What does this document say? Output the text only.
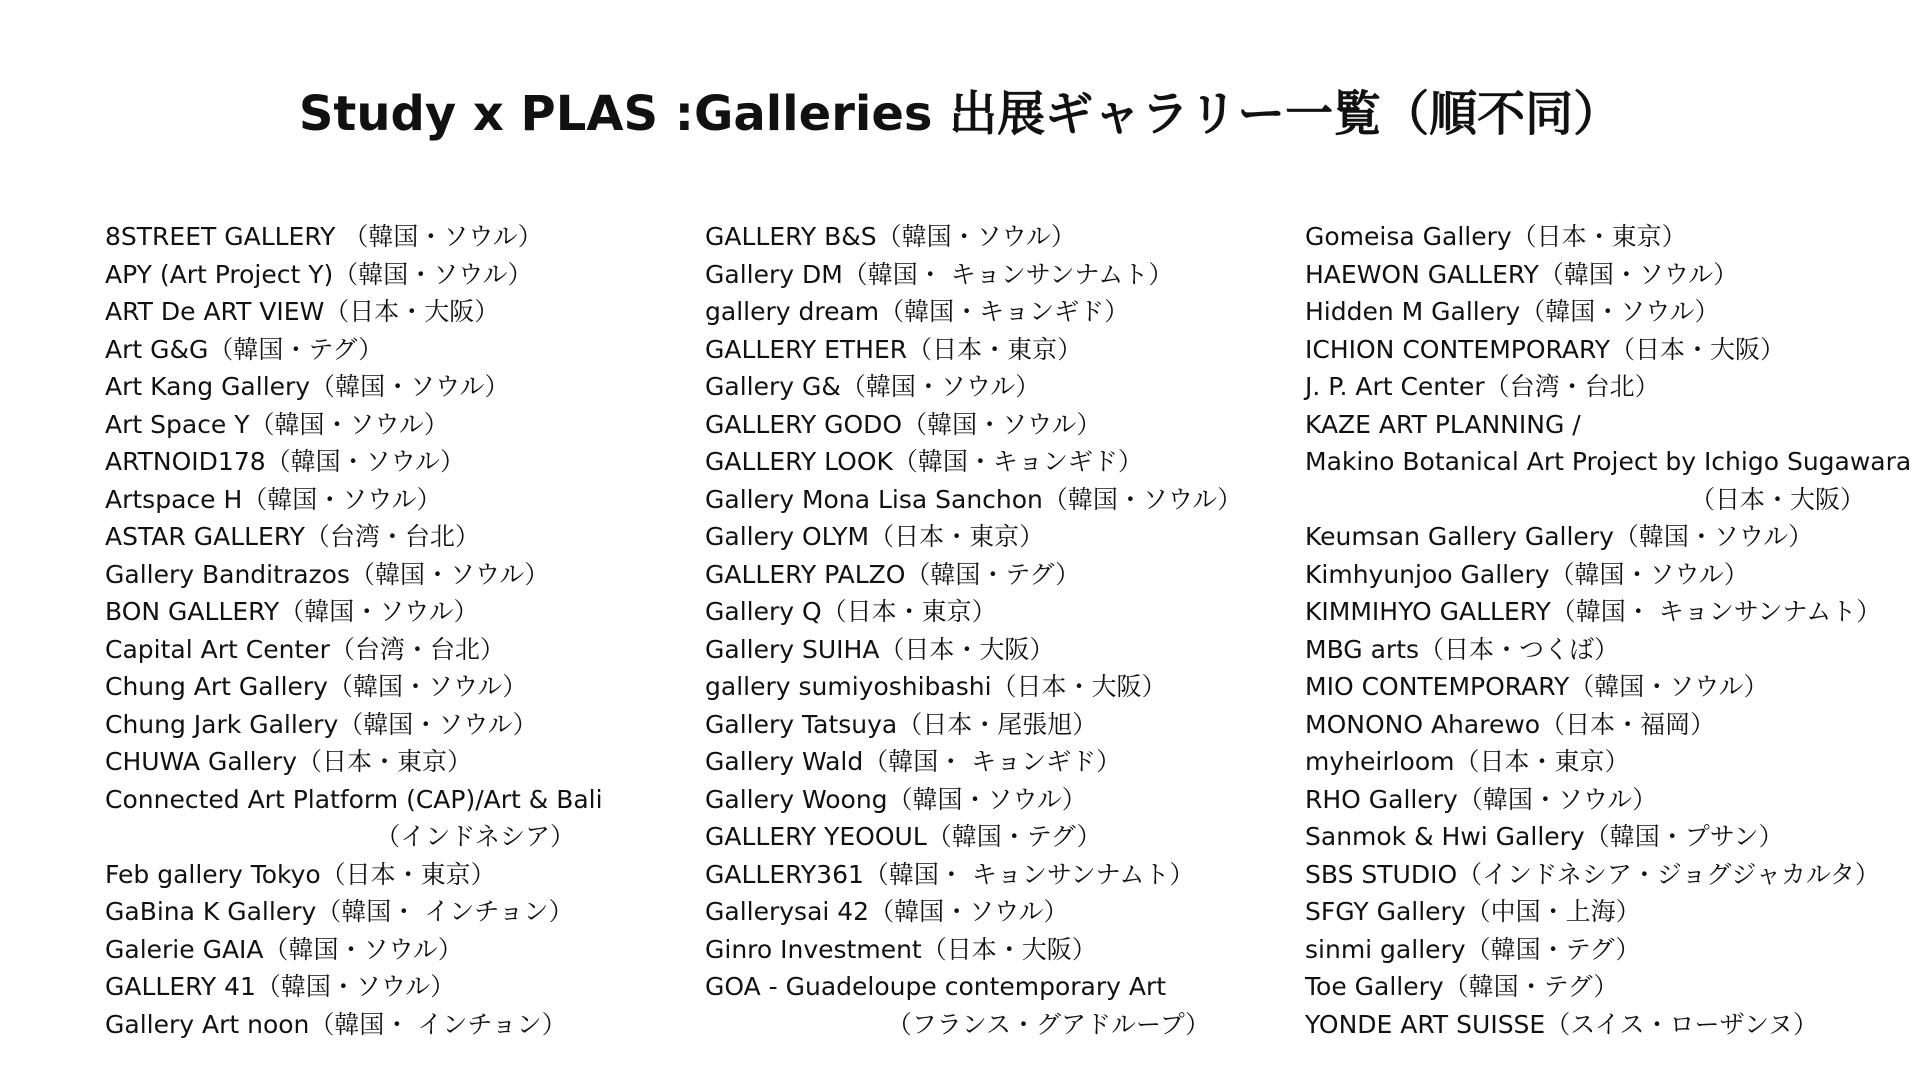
Study x PLAS :Galleries 出展ギャラリー一覧（順不同）
8STREET GALLERY （韓国・ソウル）
APY (Art Project Y)（韓国・ソウル）
ART De ART VIEW（日本・大阪）
Art G&G（韓国・テグ）
Art Kang Gallery（韓国・ソウル）
Art Space Y（韓国・ソウル）
ARTNOID178（韓国・ソウル）
Artspace H（韓国・ソウル）
ASTAR GALLERY（台湾・台北）
Gallery Banditrazos（韓国・ソウル）
BON GALLERY（韓国・ソウル）
Capital Art Center（台湾・台北）
Chung Art Gallery（韓国・ソウル）
Chung Jark Gallery（韓国・ソウル）
CHUWA Gallery（日本・東京）
Connected Art Platform (CAP)/Art & Bali
（インドネシア）
Feb gallery Tokyo（日本・東京）
GaBina K Gallery（韓国・ インチョン）
Galerie GAIA（韓国・ソウル）
GALLERY 41（韓国・ソウル）
Gallery Art noon（韓国・ インチョン）
GALLERY B&S（韓国・ソウル）
Gallery DM（韓国・ キョンサンナムト）
gallery dream（韓国・キョンギド）
GALLERY ETHER（日本・東京）
Gallery G&（韓国・ソウル）
GALLERY GODO（韓国・ソウル）
GALLERY LOOK（韓国・キョンギド）
Gallery Mona Lisa Sanchon（韓国・ソウル）
Gallery OLYM（日本・東京）
GALLERY PALZO（韓国・テグ）
Gallery Q（日本・東京）
Gallery SUIHA（日本・大阪）
gallery sumiyoshibashi（日本・大阪）
Gallery Tatsuya（日本・尾張旭）
Gallery Wald（韓国・ キョンギド）
Gallery Woong（韓国・ソウル）
GALLERY YEOOUL（韓国・テグ）
GALLERY361（韓国・ キョンサンナムト）
Gallerysai 42（韓国・ソウル）
Ginro Investment（日本・大阪）
GOA - Guadeloupe contemporary Art
（フランス・グアドループ）
Gomeisa Gallery（日本・東京）
HAEWON GALLERY（韓国・ソウル）
Hidden M Gallery（韓国・ソウル）
ICHION CONTEMPORARY（日本・大阪）
J. P. Art Center（台湾・台北）
KAZE ART PLANNING /
Makino Botanical Art Project by Ichigo Sugawara
（日本・大阪）
Keumsan Gallery Gallery（韓国・ソウル）
Kimhyunjoo Gallery（韓国・ソウル）
KIMMIHYO GALLERY（韓国・ キョンサンナムト）
MBG arts（日本・つくば）
MIO CONTEMPORARY（韓国・ソウル）
MONONO Aharewo（日本・福岡）
myheirloom（日本・東京）
RHO Gallery（韓国・ソウル）
Sanmok & Hwi Gallery（韓国・プサン）
SBS STUDIO（インドネシア・ジョグジャカルタ）
SFGY Gallery（中国・上海）
sinmi gallery（韓国・テグ）
Toe Gallery（韓国・テグ）
YONDE ART SUISSE（スイス・ローザンヌ）
